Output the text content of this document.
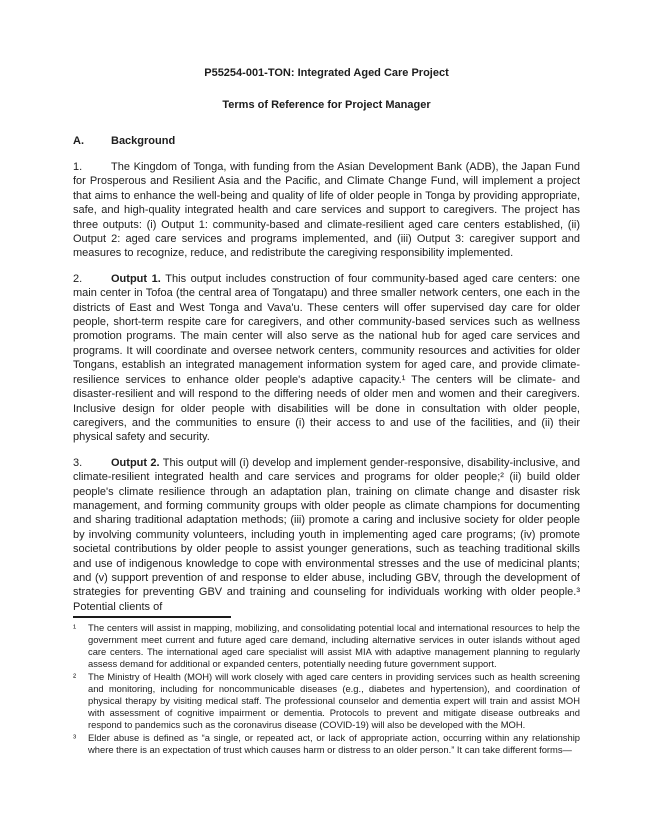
P55254-001-TON: Integrated Aged Care Project

Terms of Reference for Project Manager

A. Background

1.	The Kingdom of Tonga, with funding from the Asian Development Bank (ADB), the Japan Fund for Prosperous and Resilient Asia and the Pacific, and Climate Change Fund, will implement a project that aims to enhance the well-being and quality of life of older people in Tonga by providing appropriate, safe, and high-quality integrated health and care services and support to caregivers. The project has three outputs: (i) Output 1: community-based and climate-resilient aged care centers established, (ii) Output 2: aged care services and programs implemented, and (iii) Output 3: caregiver support and measures to recognize, reduce, and redistribute the caregiving responsibility implemented.

2.	Output 1. This output includes construction of four community-based aged care centers: one main center in Tofoa (the central area of Tongatapu) and three smaller network centers, one each in the districts of East and West Tonga and Vava'u. These centers will offer supervised day care for older people, short-term respite care for caregivers, and other community-based services such as wellness promotion programs. The main center will also serve as the national hub for aged care services and programs. It will coordinate and oversee network centers, community resources and activities for older Tongans, establish an integrated management information system for aged care, and provide climate-resilience services to enhance older people's adaptive capacity.¹ The centers will be climate- and disaster-resilient and will respond to the differing needs of older men and women and their caregivers. Inclusive design for older people with disabilities will be done in consultation with older people, caregivers, and the communities to ensure (i) their access to and use of the facilities, and (ii) their physical safety and security.

3.	Output 2. This output will (i) develop and implement gender-responsive, disability-inclusive, and climate-resilient integrated health and care services and programs for older people;² (ii) build older people's climate resilience through an adaptation plan, training on climate change and disaster risk management, and forming community groups with older people as climate champions for documenting and sharing traditional adaptation methods; (iii) promote a caring and inclusive society for older people by involving community volunteers, including youth in implementing aged care programs; (iv) promote societal contributions by older people to assist younger generations, such as teaching traditional skills and use of indigenous knowledge to cope with environmental stresses and the use of medicinal plants; and (v) support prevention of and response to elder abuse, including GBV, through the development of strategies for preventing GBV and training and counseling for individuals working with older people.³ Potential clients of

¹ The centers will assist in mapping, mobilizing, and consolidating potential local and international resources to help the government meet current and future aged care demand, including alternative services in outer islands without aged care centers. The international aged care specialist will assist MIA with adaptive management planning to regularly assess demand for additional or expanded centers, potentially needing future government support.
² The Ministry of Health (MOH) will work closely with aged care centers in providing services such as health screening and monitoring, including for noncommunicable diseases (e.g., diabetes and hypertension), and coordination of physical therapy by visiting medical staff. The professional counselor and dementia expert will train and assist MOH with assessment of cognitive impairment or dementia. Protocols to prevent and mitigate disease outbreaks and respond to pandemics such as the coronavirus disease (COVID-19) will also be developed with the MOH.
³ Elder abuse is defined as “a single, or repeated act, or lack of appropriate action, occurring within any relationship where there is an expectation of trust which causes harm or distress to an older person.” It can take different forms—
